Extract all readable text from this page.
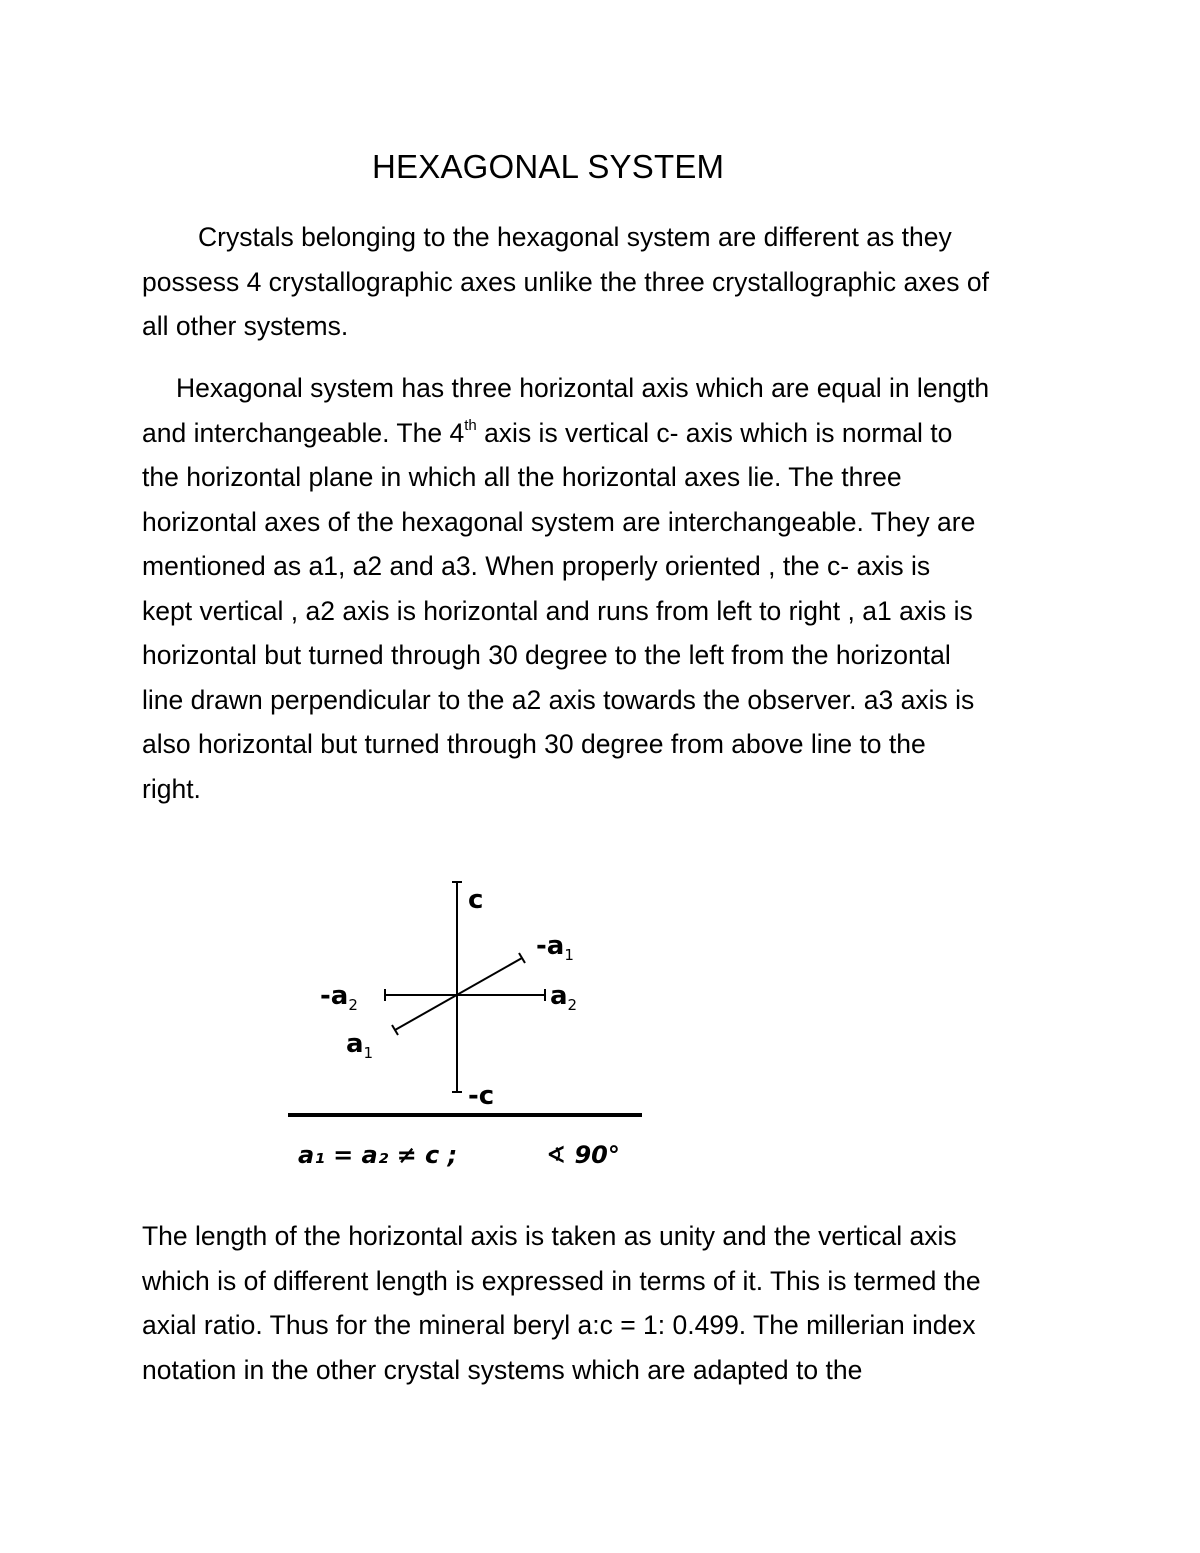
HEXAGONAL SYSTEM

Crystals belonging to the hexagonal system are different as they
possess 4 crystallographic axes unlike the three crystallographic axes of
all other systems.

Hexagonal system has three horizontal axis which are equal in length
and interchangeable. The 4th axis is vertical c- axis which is normal to
the horizontal plane in which all the horizontal axes lie. The three
horizontal axes of the hexagonal system are interchangeable. They are
mentioned as a1, a2 and a3. When properly oriented , the c- axis is
kept vertical , a2 axis is horizontal and runs from left to right , a1 axis is
horizontal but turned through 30 degree to the left from the horizontal
line drawn perpendicular to the a2 axis towards the observer. a3 axis is
also horizontal but turned through 30 degree from above line to the
right.

c
$-a_1$
$-a_2$	$a_2$
$a_1$
-c
a₁ = a₂ ≠ c ;	∢ 90°

The length of the horizontal axis is taken as unity and the vertical axis
which is of different length is expressed in terms of it. This is termed the
axial ratio. Thus for the mineral beryl a:c = 1: 0.499. The millerian index
notation in the other crystal systems which are adapted to the
